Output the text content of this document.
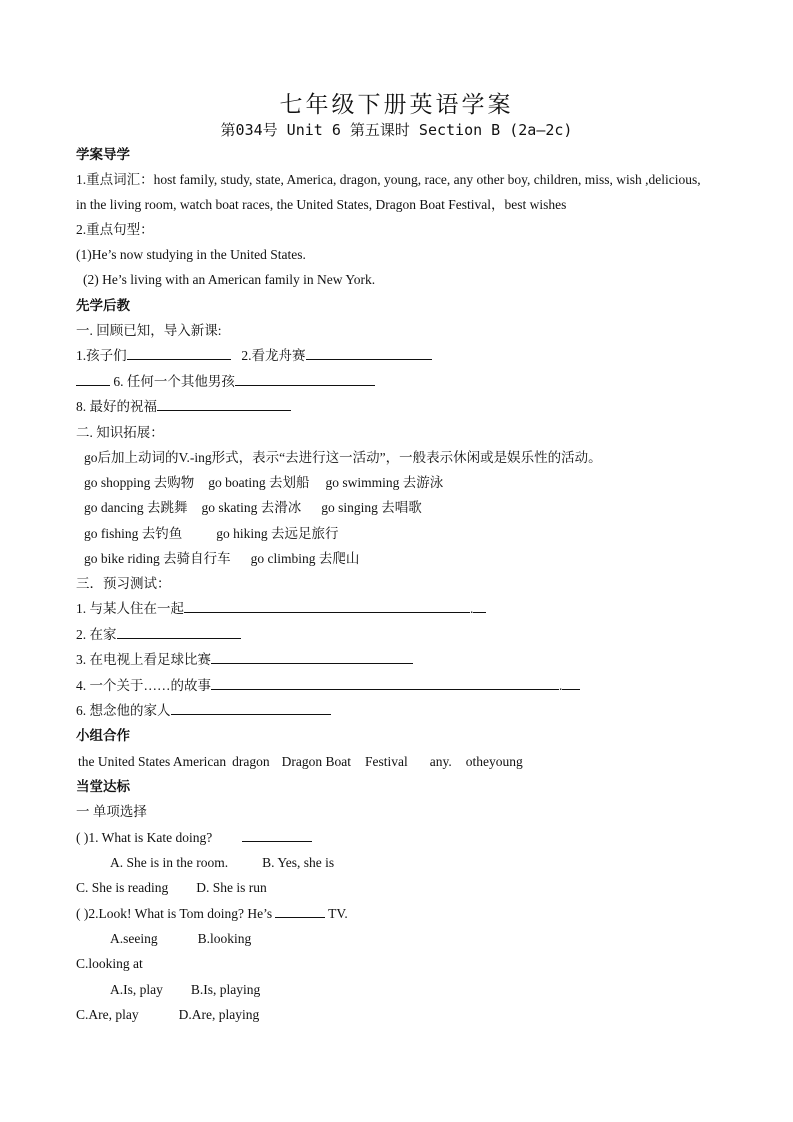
七年级下册英语学案
第034号 Unit 6 第五课时 Section B (2a—2c)
学案导学
1.重点词汇：host family, study, state, America, dragon, young, race, any other boy, children, miss, wish ,delicious,
in the living room, watch boat races, the United States, Dragon Boat Festival，best wishes
2.重点句型：
(1)He’s now studying in the United States.
(2) He’s living with an American family in New York.
先学后教
一. 回顾已知，导入新课:
1.孩子们	2.看龙舟赛
6. 任何一个其他男孩
8. 最好的祝福
二. 知识拓展：
go后加上动词的V.-ing形式，表示“去进行这一活动”，一般表示休闲或是娱乐性的活动。
go shopping 去购物 go boating 去划船 go swimming 去游泳
go dancing 去跳舞 go skating 去滑冰 go singing 去唱歌
go fishing 去钓鱼	go hiking 去远足旅行
go bike riding 去骑自行车 go climbing 去爬山
三．预习测试：
1. 与某人住在一起	.
2. 在家
3. 在电视上看足球比赛
4. 一个关于……的故事	.
6. 想念他的家人
小组合作
the United States American dragon Dragon Boat Festival any. otheyoung
当堂达标
一 单项选择
( )1. What is Kate doing?
A. She is in the room.	B. Yes, she is
C. She is reading D. She is run
( )2.Look! What is Tom doing? He’s	TV.
A.seeing	B.looking
C.looking at
A.Is, play B.Is, playing
C.Are, play	D.Are, playing
